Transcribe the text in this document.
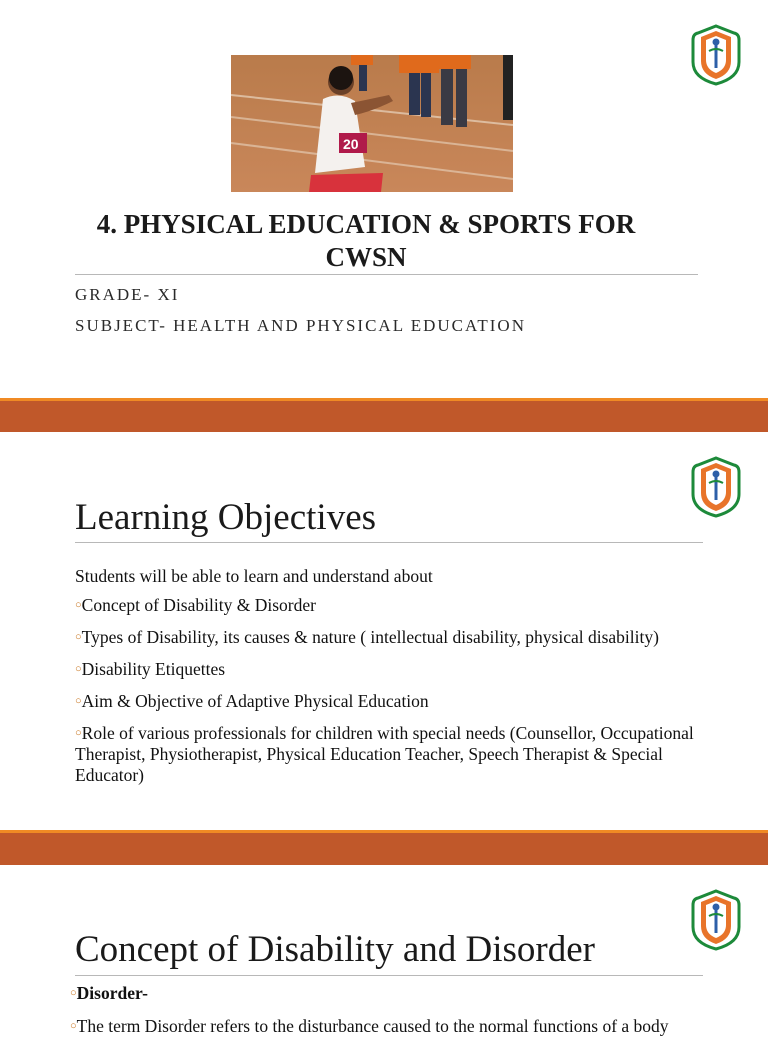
20
4. PHYSICAL EDUCATION & SPORTS FOR CWSN
GRADE- XI
SUBJECT- HEALTH AND PHYSICAL EDUCATION
Learning Objectives
Students will be able to learn and understand about
○Concept of Disability & Disorder
○Types of Disability, its causes & nature ( intellectual disability, physical disability)
○Disability Etiquettes
○Aim & Objective of Adaptive Physical Education
○Role of various professionals for children with special needs (Counsellor, Occupational Therapist, Physiotherapist, Physical Education Teacher, Speech Therapist & Special Educator)
Concept of Disability and Disorder
○Disorder-
○The term Disorder refers to the disturbance caused to the normal functions of a body
